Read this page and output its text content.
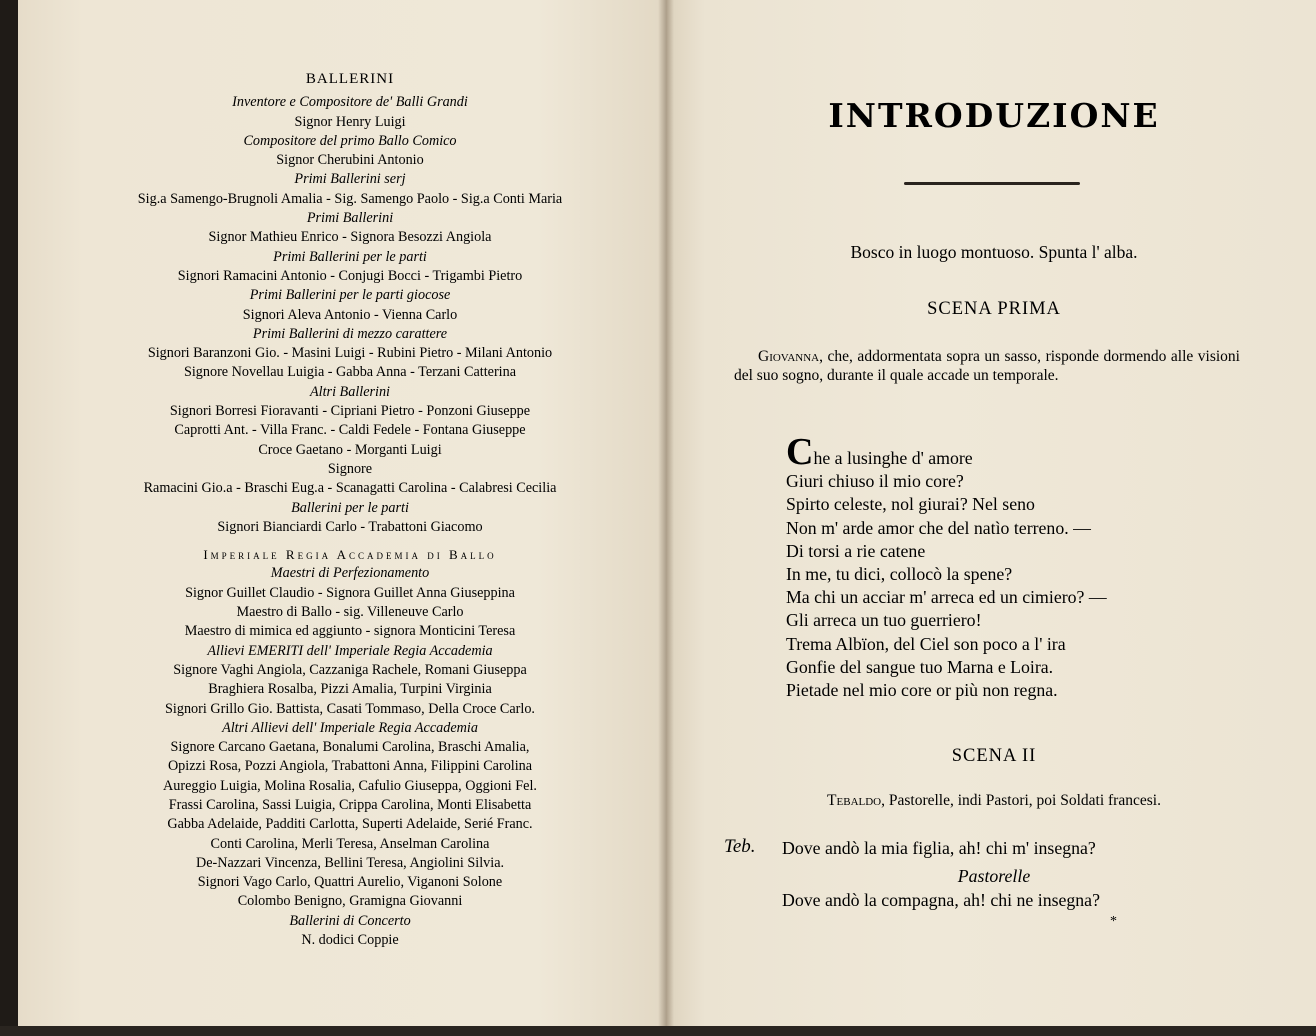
BALLERINI
Inventore e Compositore de' Balli Grandi
Signor Henry Luigi
Compositore del primo Ballo Comico
Signor Cherubini Antonio
Primi Ballerini serj
Sig.a Samengo-Brugnoli Amalia - Sig. Samengo Paolo - Sig.a Conti Maria
Primi Ballerini
Signor Mathieu Enrico - Signora Besozzi Angiola
Primi Ballerini per le parti
Signori Ramacini Antonio - Conjugi Bocci - Trigambi Pietro
Primi Ballerini per le parti giocose
Signori Aleva Antonio - Vienna Carlo
Primi Ballerini di mezzo carattere
Signori Baranzoni Gio. - Masini Luigi - Rubini Pietro - Milani Antonio
Signore Novellau Luigia - Gabba Anna - Terzani Catterina
Altri Ballerini
Signori Borresi Fioravanti - Cipriani Pietro - Ponzoni Giuseppe
Caprotti Ant. - Villa Franc. - Caldi Fedele - Fontana Giuseppe
Croce Gaetano - Morganti Luigi
Signore
Ramacini Gio.a - Braschi Eug.a - Scanagatti Carolina - Calabresi Cecilia
Ballerini per le parti
Signori Bianciardi Carlo - Trabattoni Giacomo
Imperiale Regia Accademia di Ballo
Maestri di Perfezionamento
Signor Guillet Claudio - Signora Guillet Anna Giuseppina
Maestro di Ballo - sig. Villeneuve Carlo
Maestro di mimica ed aggiunto - signora Monticini Teresa
Allievi EMERITI dell' Imperiale Regia Accademia
Signore Vaghi Angiola, Cazzaniga Rachele, Romani Giuseppa
Braghiera Rosalba, Pizzi Amalia, Turpini Virginia
Signori Grillo Gio. Battista, Casati Tommaso, Della Croce Carlo.
Altri Allievi dell' Imperiale Regia Accademia
Signore Carcano Gaetana, Bonalumi Carolina, Braschi Amalia,
Opizzi Rosa, Pozzi Angiola, Trabattoni Anna, Filippini Carolina
Aureggio Luigia, Molina Rosalia, Cafulio Giuseppa, Oggioni Fel.
Frassi Carolina, Sassi Luigia, Crippa Carolina, Monti Elisabetta
Gabba Adelaide, Padditi Carlotta, Superti Adelaide, Serié Franc.
Conti Carolina, Merli Teresa, Anselman Carolina
De-Nazzari Vincenza, Bellini Teresa, Angiolini Silvia.
Signori Vago Carlo, Quattri Aurelio, Viganoni Solone
Colombo Benigno, Gramigna Giovanni
Ballerini di Concerto
N. dodici Coppie
INTRODUZIONE
Bosco in luogo montuoso. Spunta l' alba.
SCENA PRIMA
Giovanna, che, addormentata sopra un sasso, risponde dormendo alle visioni del suo sogno, durante il quale accade un temporale.
Che a lusinghe d' amore
Giuri chiuso il mio core?
Spirto celeste, nol giurai? Nel seno
Non m' arde amor che del natìo terreno. —
Di torsi a rie catene
In me, tu dici, collocò la spene?
Ma chi un acciar m' arreca ed un cimiero? —
Gli arreca un tuo guerriero!
Trema Albïon, del Ciel son poco a l' ira
Gonfie del sangue tuo Marna e Loira.
Pietade nel mio core or più non regna.
SCENA II
Tebaldo, Pastorelle, indi Pastori, poi Soldati francesi.
Teb. Dove andò la mia figlia, ah! chi m' insegna?
Pastorelle
Dove andò la compagna, ah! chi ne insegna?
*
